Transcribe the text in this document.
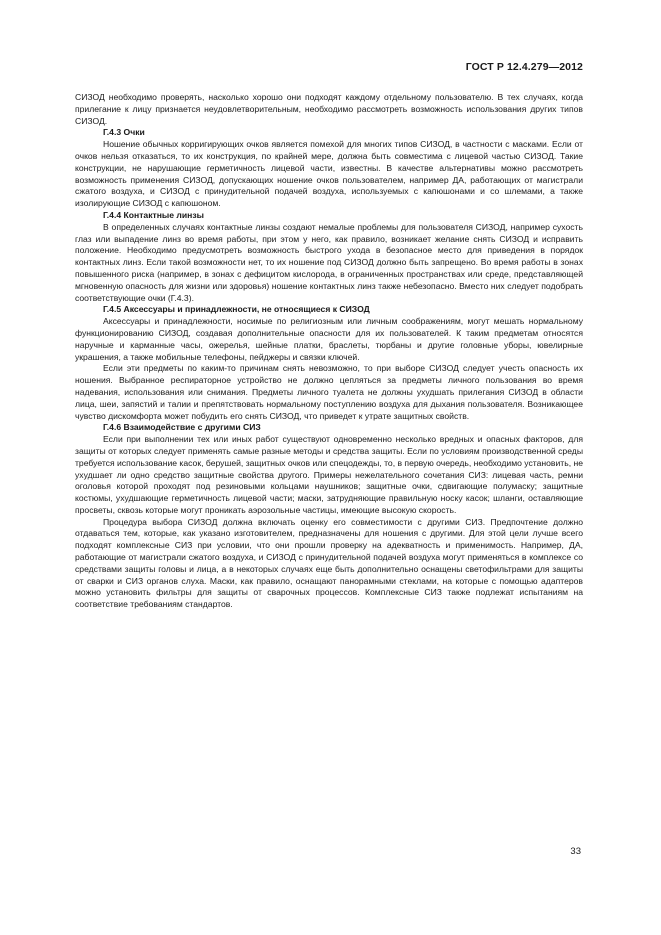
ГОСТ Р 12.4.279—2012

СИЗОД необходимо проверять, насколько хорошо они подходят каждому отдельному пользователю. В тех случаях, когда прилегание к лицу признается неудовлетворительным, необходимо рассмотреть возможность использования других типов СИЗОД.

Г.4.3 Очки

Ношение обычных корригирующих очков является помехой для многих типов СИЗОД, в частности с масками. Если от очков нельзя отказаться, то их конструкция, по крайней мере, должна быть совместима с лицевой частью СИЗОД. Такие конструкции, не нарушающие герметичность лицевой части, известны. В качестве альтернативы можно рассмотреть возможность применения СИЗОД, допускающих ношение очков пользователем, например ДА, работающих от магистрали сжатого воздуха, и СИЗОД с принудительной подачей воздуха, используемых с капюшонами и со шлемами, а также изолирующие СИЗОД с капюшоном.

Г.4.4 Контактные линзы

В определенных случаях контактные линзы создают немалые проблемы для пользователя СИЗОД, например сухость глаз или выпадение линз во время работы, при этом у него, как правило, возникает желание снять СИЗОД и исправить положение. Необходимо предусмотреть возможность быстрого ухода в безопасное место для приведения в порядок контактных линз. Если такой возможности нет, то их ношение под СИЗОД должно быть запрещено. Во время работы в зонах повышенного риска (например, в зонах с дефицитом кислорода, в ограниченных пространствах или среде, представляющей мгновенную опасность для жизни или здоровья) ношение контактных линз также небезопасно. Вместо них следует подобрать соответствующие очки (Г.4.3).

Г.4.5 Аксессуары и принадлежности, не относящиеся к СИЗОД

Аксессуары и принадлежности, носимые по религиозным или личным соображениям, могут мешать нормальному функционированию СИЗОД, создавая дополнительные опасности для их пользователей. К таким предметам относятся наручные и карманные часы, ожерелья, шейные платки, браслеты, тюрбаны и другие головные уборы, ювелирные украшения, а также мобильные телефоны, пейджеры и связки ключей.

Если эти предметы по каким-то причинам снять невозможно, то при выборе СИЗОД следует учесть опасность их ношения. Выбранное респираторное устройство не должно цепляться за предметы личного пользования во время надевания, использования или снимания. Предметы личного туалета не должны ухудшать прилегания СИЗОД в области лица, шеи, запястий и талии и препятствовать нормальному поступлению воздуха для дыхания пользователя. Возникающее чувство дискомфорта может побудить его снять СИЗОД, что приведет к утрате защитных свойств.

Г.4.6 Взаимодействие с другими СИЗ

Если при выполнении тех или иных работ существуют одновременно несколько вредных и опасных факторов, для защиты от которых следует применять самые разные методы и средства защиты. Если по условиям производственной среды требуется использование касок, берушей, защитных очков или спецодежды, то, в первую очередь, необходимо установить, не ухудшает ли одно средство защитные свойства другого. Примеры нежелательного сочетания СИЗ: лицевая часть, ремни оголовья которой проходят под резиновыми кольцами наушников; защитные очки, сдвигающие полумаску; защитные костюмы, ухудшающие герметичность лицевой части; маски, затрудняющие правильную носку касок; шланги, оставляющие просветы, сквозь которые могут проникать аэрозольные частицы, имеющие высокую скорость.

Процедура выбора СИЗОД должна включать оценку его совместимости с другими СИЗ. Предпочтение должно отдаваться тем, которые, как указано изготовителем, предназначены для ношения с другими. Для этой цели лучше всего подходят комплексные СИЗ при условии, что они прошли проверку на адекватность и применимость. Например, ДА, работающие от магистрали сжатого воздуха, и СИЗОД с принудительной подачей воздуха могут применяться в комплексе со средствами защиты головы и лица, а в некоторых случаях еще быть дополнительно оснащены светофильтрами для защиты от сварки и СИЗ органов слуха. Маски, как правило, оснащают панорамными стеклами, на которые с помощью адаптеров можно установить фильтры для защиты от сварочных процессов. Комплексные СИЗ также подлежат испытаниям на соответствие требованиям стандартов.

33
